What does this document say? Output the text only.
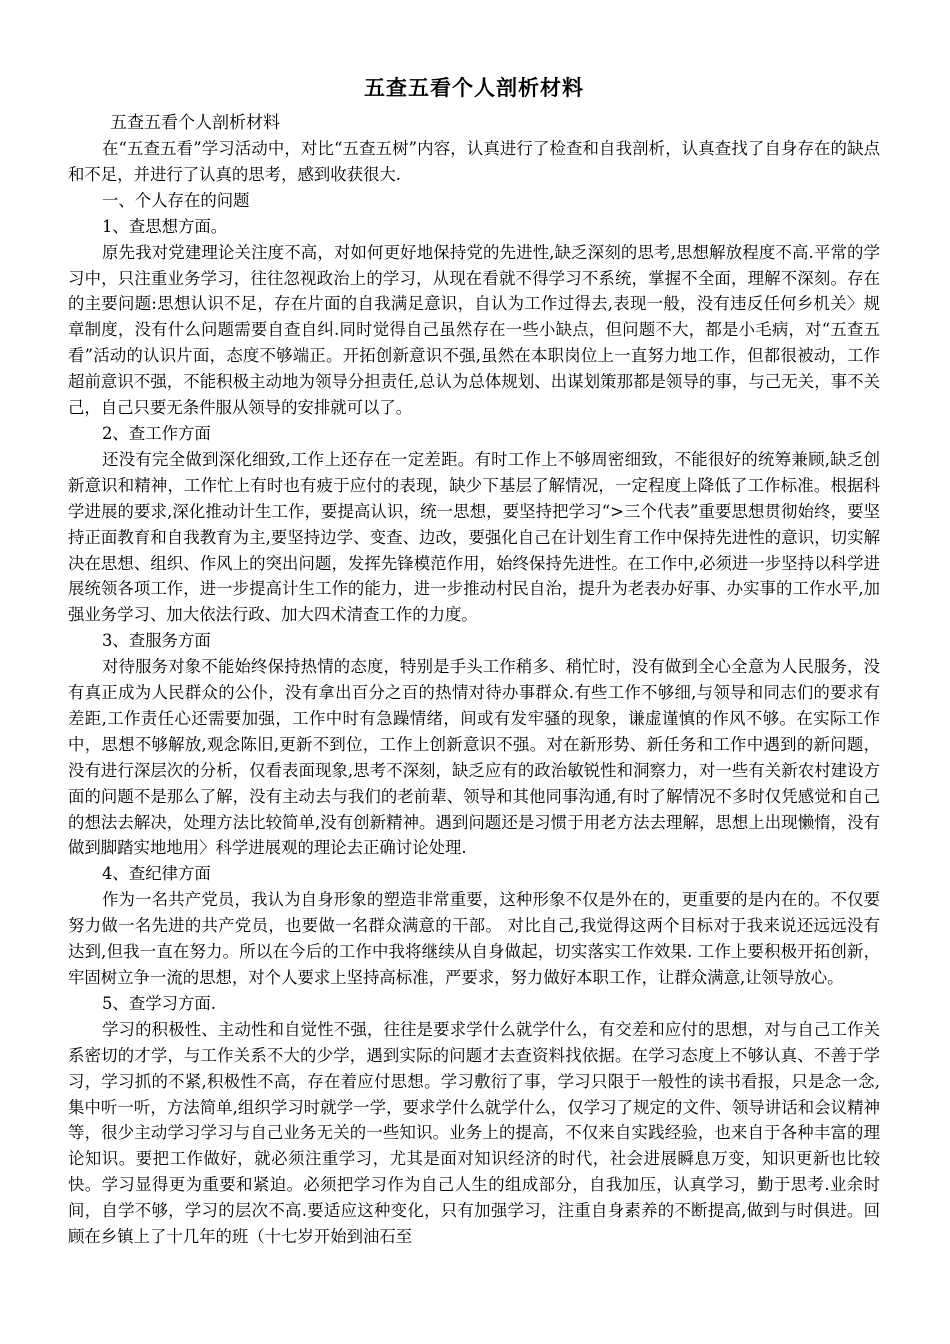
五查五看个人剖析材料

五查五看个人剖析材料

在“五查五看”学习活动中，对比“五查五树”内容，认真进行了检查和自我剖析，认真查找了自身存在的缺点和不足，并进行了认真的思考，感到收获很大.

一、个人存在的问题

1、查思想方面。

原先我对党建理论关注度不高，对如何更好地保持党的先进性,缺乏深刻的思考,思想解放程度不高.平常的学习中，只注重业务学习，往往忽视政治上的学习，从现在看就不得学习不系统，掌握不全面，理解不深刻。存在的主要问题:思想认识不足，存在片面的自我满足意识，自认为工作过得去,表现一般，没有违反任何乡机关〉规章制度，没有什么问题需要自查自纠.同时觉得自己虽然存在一些小缺点，但问题不大，都是小毛病，对“五查五看”活动的认识片面，态度不够端正。开拓创新意识不强,虽然在本职岗位上一直努力地工作，但都很被动，工作超前意识不强，不能积极主动地为领导分担责任,总认为总体规划、出谋划策那都是领导的事，与己无关，事不关己，自己只要无条件服从领导的安排就可以了。

2、查工作方面

还没有完全做到深化细致,工作上还存在一定差距。有时工作上不够周密细致，不能很好的统筹兼顾,缺乏创新意识和精神，工作忙上有时也有疲于应付的表现，缺少下基层了解情况，一定程度上降低了工作标准。根据科学进展的要求,深化推动计生工作，要提高认识，统一思想，要坚持把学习“>三个代表”重要思想贯彻始终，要坚持正面教育和自我教育为主,要坚持边学、变查、边改，要强化自己在计划生育工作中保持先进性的意识，切实解决在思想、组织、作风上的突出问题，发挥先锋模范作用，始终保持先进性。在工作中,必须进一步坚持以科学进展统领各项工作，进一步提高计生工作的能力，进一步推动村民自治，提升为老表办好事、办实事的工作水平,加强业务学习、加大依法行政、加大四术清查工作的力度。

3、查服务方面

对待服务对象不能始终保持热情的态度，特别是手头工作稍多、稍忙时，没有做到全心全意为人民服务，没有真正成为人民群众的公仆，没有拿出百分之百的热情对待办事群众.有些工作不够细,与领导和同志们的要求有差距,工作责任心还需要加强，工作中时有急躁情绪，间或有发牢骚的现象，谦虚谨慎的作风不够。在实际工作中，思想不够解放,观念陈旧,更新不到位，工作上创新意识不强。对在新形势、新任务和工作中遇到的新问题，没有进行深层次的分析，仅看表面现象,思考不深刻，缺乏应有的政治敏锐性和洞察力，对一些有关新农村建设方面的问题不是那么了解，没有主动去与我们的老前辈、领导和其他同事沟通,有时了解情况不多时仅凭感觉和自己的想法去解决，处理方法比较简单,没有创新精神。遇到问题还是习惯于用老方法去理解，思想上出现懒惰，没有做到脚踏实地地用〉科学进展观的理论去正确讨论处理.

4、查纪律方面

作为一名共产党员，我认为自身形象的塑造非常重要，这种形象不仅是外在的，更重要的是内在的。不仅要努力做一名先进的共产党员，也要做一名群众满意的干部。 对比自己,我觉得这两个目标对于我来说还远远没有达到,但我一直在努力。所以在今后的工作中我将继续从自身做起，切实落实工作效果. 工作上要积极开拓创新，牢固树立争一流的思想，对个人要求上坚持高标准，严要求，努力做好本职工作，让群众满意,让领导放心。

5、查学习方面.

学习的积极性、主动性和自觉性不强，往往是要求学什么就学什么，有交差和应付的思想，对与自己工作关系密切的才学，与工作关系不大的少学，遇到实际的问题才去查资料找依据。在学习态度上不够认真、不善于学习，学习抓的不紧,积极性不高，存在着应付思想。学习敷衍了事，学习只限于一般性的读书看报，只是念一念,集中听一听，方法简单,组织学习时就学一学，要求学什么就学什么，仅学习了规定的文件、领导讲话和会议精神等，很少主动学习学习与自己业务无关的一些知识。业务上的提高，不仅来自实践经验，也来自于各种丰富的理论知识。要把工作做好，就必须注重学习，尤其是面对知识经济的时代，社会进展瞬息万变，知识更新也比较快。学习显得更为重要和紧迫。必须把学习作为自己人生的组成部分，自我加压，认真学习，勤于思考.业余时间，自学不够，学习的层次不高.要适应这种变化，只有加强学习，注重自身素养的不断提高,做到与时俱进。回顾在乡镇上了十几年的班（十七岁开始到油石至
